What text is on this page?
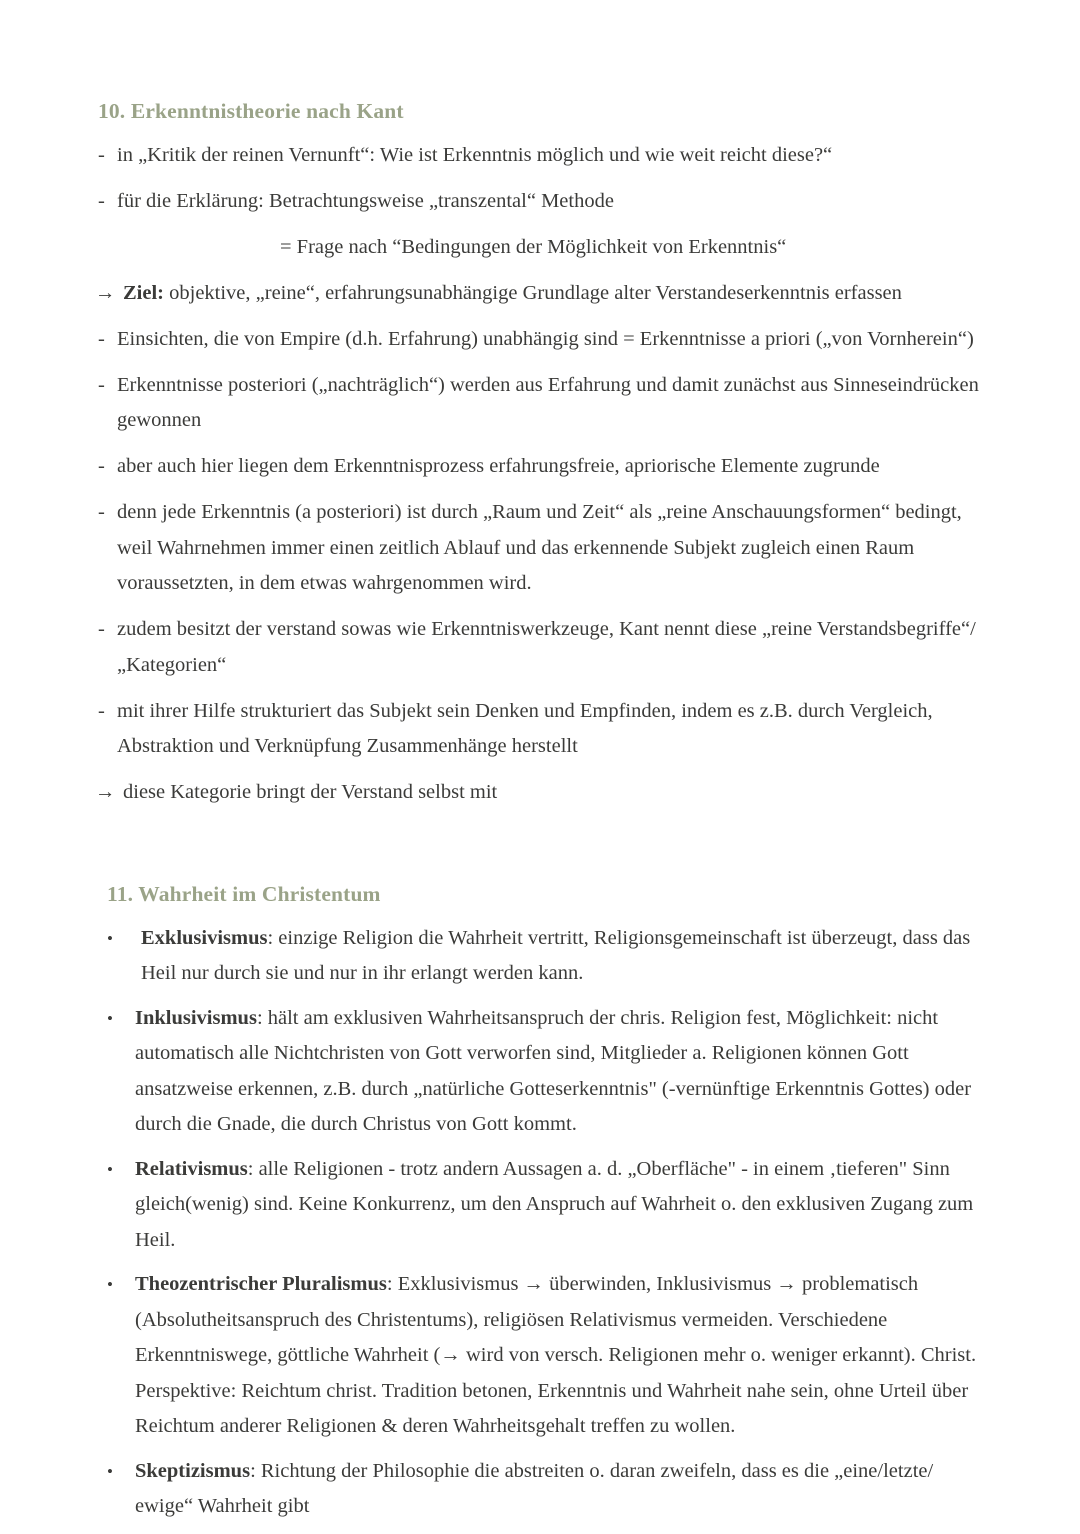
10. Erkenntnistheorie nach Kant

- in „Kritik der reinen Vernunft“: Wie ist Erkenntnis möglich und wie weit reicht diese?“

- für die Erklärung: Betrachtungsweise „transzental“ Methode

= Frage nach “Bedingungen der Möglichkeit von Erkenntnis“

→ Ziel: objektive, „reine“, erfahrungsunabhängige Grundlage alter Verstandeserkenntnis erfassen

- Einsichten, die von Empire (d.h. Erfahrung) unabhängig sind = Erkenntnisse a priori („von Vornherein“)

- Erkenntnisse posteriori („nachträglich“) werden aus Erfahrung und damit zunächst aus Sinneseindrücken gewonnen

- aber auch hier liegen dem Erkenntnisprozess erfahrungsfreie, apriorische Elemente zugrunde

- denn jede Erkenntnis (a posteriori) ist durch „Raum und Zeit“ als „reine Anschauungsformen“ bedingt, weil Wahrnehmen immer einen zeitlich Ablauf und das erkennende Subjekt zugleich einen Raum voraussetzten, in dem etwas wahrgenommen wird.

- zudem besitzt der verstand sowas wie Erkenntniswerkzeuge, Kant nennt diese „reine Verstandsbegriffe“/ „Kategorien“

- mit ihrer Hilfe strukturiert das Subjekt sein Denken und Empfinden, indem es z.B. durch Vergleich, Abstraktion und Verknüpfung Zusammenhänge herstellt

→ diese Kategorie bringt der Verstand selbst mit

11. Wahrheit im Christentum

•	Exklusivismus: einzige Religion die Wahrheit vertritt, Religionsgemeinschaft ist überzeugt, dass das Heil nur durch sie und nur in ihr erlangt werden kann.

•	Inklusivismus: hält am exklusiven Wahrheitsanspruch der chris. Religion fest, Möglichkeit: nicht automatisch alle Nichtchristen von Gott verworfen sind, Mitglieder a. Religionen können Gott ansatzweise erkennen, z.B. durch „natürliche Gotteserkenntnis" (-vernünftige Erkenntnis Gottes) oder durch die Gnade, die durch Christus von Gott kommt.

•	Relativismus: alle Religionen - trotz andern Aussagen a. d. „Oberfläche" - in einem ‚tieferen" Sinn gleich(wenig) sind. Keine Konkurrenz, um den Anspruch auf Wahrheit o. den exklusiven Zugang zum Heil.

•	Theozentrischer Pluralismus: Exklusivismus → überwinden, Inklusivismus → problematisch (Absolutheitsanspruch des Christentums), religiösen Relativismus vermeiden. Verschiedene Erkenntniswege, göttliche Wahrheit (→ wird von versch. Religionen mehr o. weniger erkannt). Christ. Perspektive: Reichtum christ. Tradition betonen, Erkenntnis und Wahrheit nahe sein, ohne Urteil über Reichtum anderer Religionen & deren Wahrheitsgehalt treffen zu wollen.

•	Skeptizismus: Richtung der Philosophie die abstreiten o. daran zweifeln, dass es die „eine/letzte/ ewige“ Wahrheit gibt
